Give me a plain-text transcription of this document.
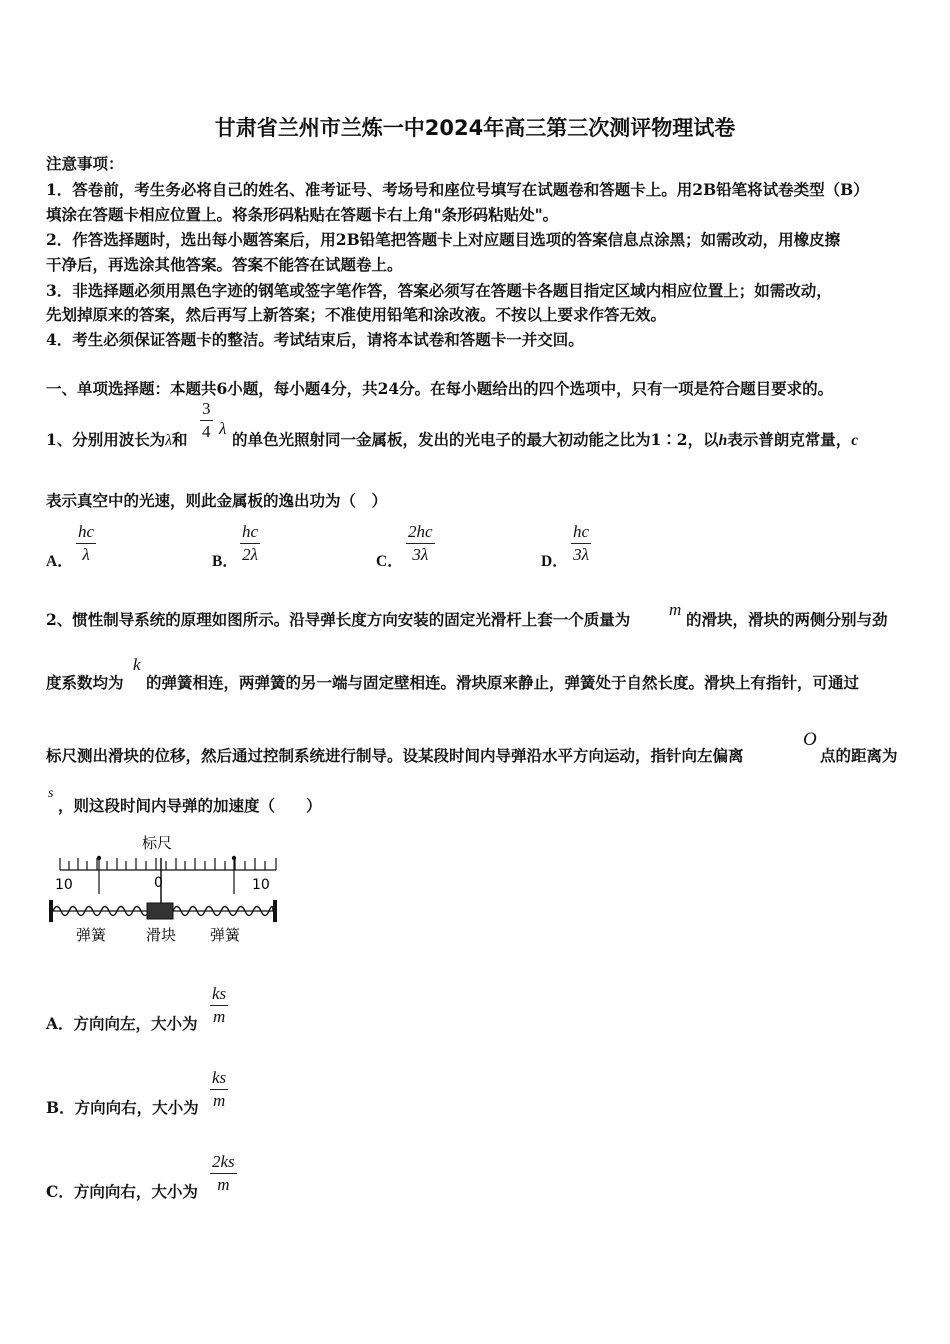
甘肃省兰州市兰炼一中2024年高三第三次测评物理试卷
注意事项：
1．答卷前，考生务必将自己的姓名、准考证号、考场号和座位号填写在试题卷和答题卡上。用2B铅笔将试卷类型（B）
填涂在答题卡相应位置上。将条形码粘贴在答题卡右上角"条形码粘贴处"。
2．作答选择题时，选出每小题答案后，用2B铅笔把答题卡上对应题目选项的答案信息点涂黑；如需改动，用橡皮擦
干净后，再选涂其他答案。答案不能答在试题卷上。
3．非选择题必须用黑色字迹的钢笔或签字笔作答，答案必须写在答题卡各题目指定区域内相应位置上；如需改动，
先划掉原来的答案，然后再写上新答案；不准使用铅笔和涂改液。不按以上要求作答无效。
4．考生必须保证答题卡的整洁。考试结束后，请将本试卷和答题卡一并交回。
一、单项选择题：本题共6小题，每小题4分，共24分。在每小题给出的四个选项中，只有一项是符合题目要求的。
1、分别用波长为λ和 $\frac{3}{4}$ λ
的单色光照射同一金属板，发出的光电子的最大初动能之比为1∶2，以h表示普朗克常量，c
表示真空中的光速，则此金属板的逸出功为（　）
A． $\frac{hc}{\lambda}$	B． $\frac{hc}{2\lambda}$	C． $\frac{2hc}{3\lambda}$	D． $\frac{hc}{3\lambda}$
2、惯性制导系统的原理如图所示。沿导弹长度方向安装的固定光滑杆上套一个质量为
m
的滑块，滑块的两侧分别与劲
度系数均为
k
的弹簧相连，两弹簧的另一端与固定壁相连。滑块原来静止，弹簧处于自然长度。滑块上有指针，可通过
标尺测出滑块的位移，然后通过控制系统进行制导。设某段时间内导弹沿水平方向运动，指针向左偏离
O
点的距离为
s
，则这段时间内导弹的加速度（　　）
标尺
10	0	10
弹簧	滑块 弹簧
A．方向向左，大小为 $\frac{ks}{m}$
B．方向向右，大小为 $\frac{ks}{m}$
C．方向向右，大小为 $\frac{2ks}{m}$
